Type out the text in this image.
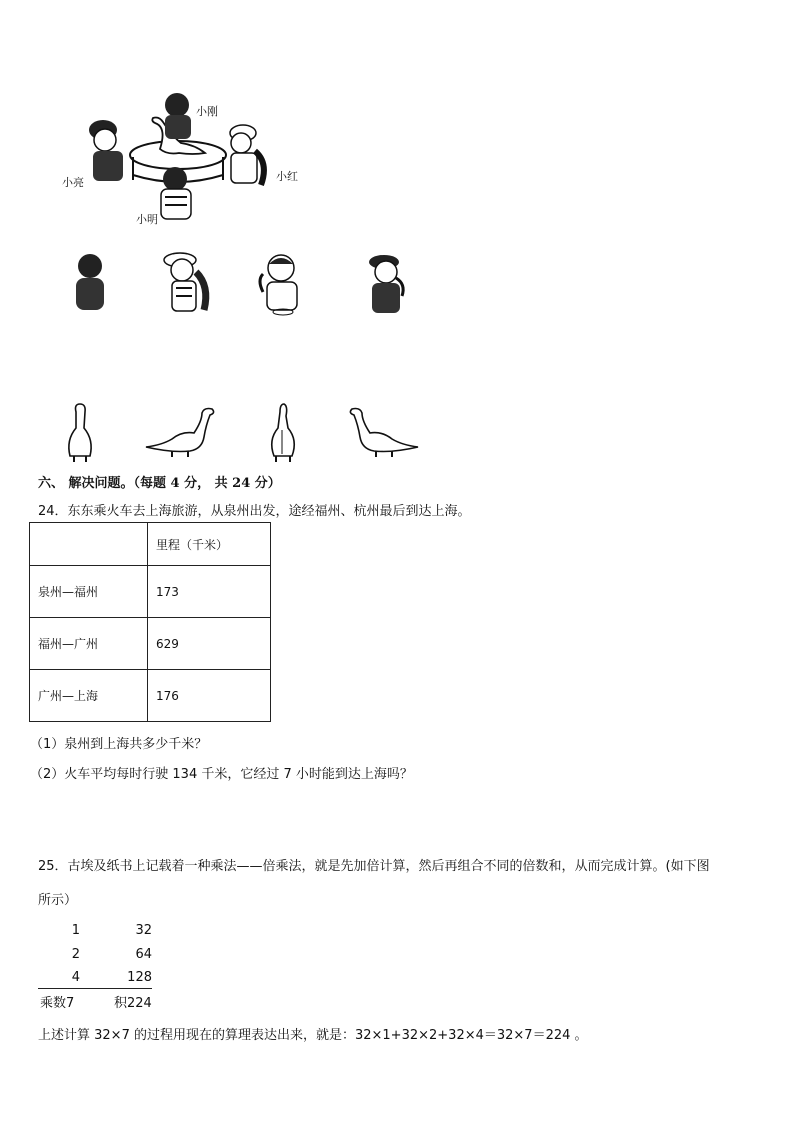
小刚
小亮	小红
小明
六、 解决问题。（每题 4 分， 共 24 分）
24．东东乘火车去上海旅游，从泉州出发，途经福州、杭州最后到达上海。
	里程（千米）
泉州—福州	173
福州—广州	629
广州—上海	176
（1）泉州到上海共多少千米？
（2）火车平均每时行驶 134 千米，它经过 7 小时能到达上海吗？
25．古埃及纸书上记载着一种乘法——倍乘法，就是先加倍计算，然后再组合不同的倍数和，从而完成计算。(如下图
所示）
1	32
2	64
4	128
乘数7	积224
上述计算 32×7 的过程用现在的算理表达出来，就是：32×1+32×2+32×4＝32×7＝224 。
